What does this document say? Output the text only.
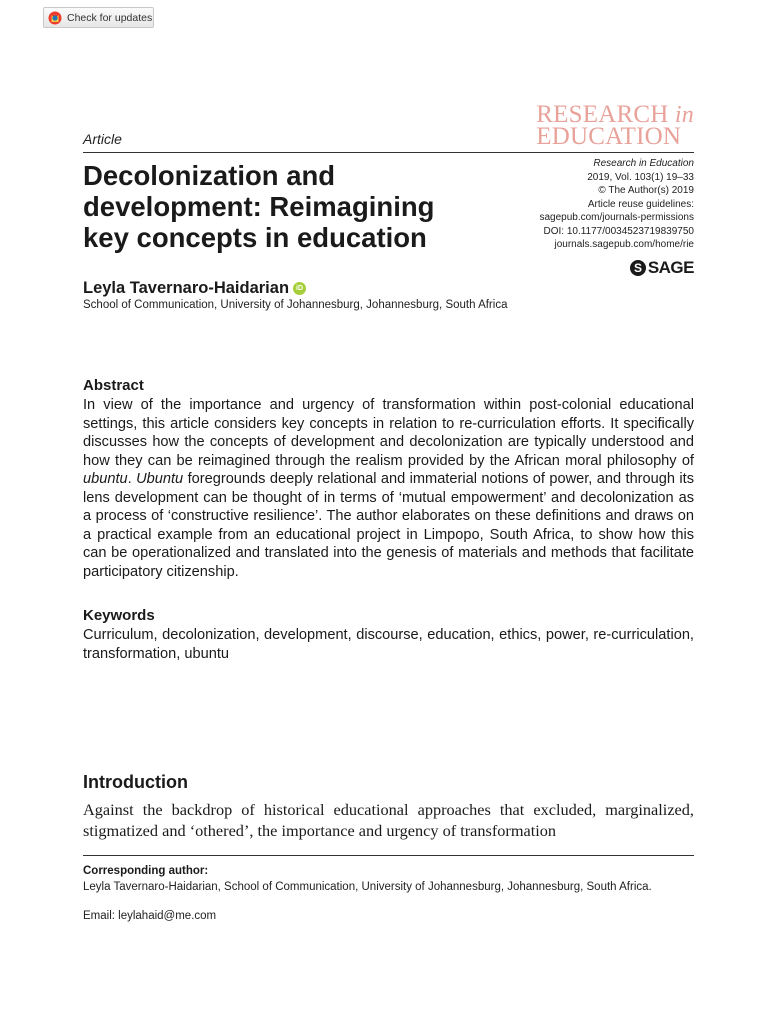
Check for updates
RESEARCH in
EDUCATION
Article
Decolonization and
development: Reimagining
key concepts in education
Research in Education
2019, Vol. 103(1) 19–33
© The Author(s) 2019
Article reuse guidelines:
sagepub.com/journals-permissions
DOI: 10.1177/0034523719839750
journals.sagepub.com/home/rie
S SAGE
Leyla Tavernaro-Haidarian	iD
School of Communication, University of Johannesburg, Johannesburg, South Africa
Abstract

In view of the importance and urgency of transformation within post-colonial educational settings, this article considers key concepts in relation to re-curriculation efforts. It specifically discusses how the concepts of development and decolonization are typically understood and how they can be reimagined through the realism provided by the African moral philosophy of ubuntu. Ubuntu foregrounds deeply relational and immaterial notions of power, and through its lens development can be thought of in terms of ‘mutual empowerment’ and decolonization as a process of ‘constructive resilience’. The author elaborates on these definitions and draws on a practical example from an educational project in Limpopo, South Africa, to show how this can be operationalized and translated into the genesis of materials and methods that facilitate participatory citizenship.

Keywords

Curriculum, decolonization, development, discourse, education, ethics, power, re-curriculation, transformation, ubuntu

Introduction

Against the backdrop of historical educational approaches that excluded, marginalized, stigmatized and ‘othered’, the importance and urgency of transformation

Corresponding author:

Leyla Tavernaro-Haidarian, School of Communication, University of Johannesburg, Johannesburg, South Africa.

Email: leylahaid@me.com
